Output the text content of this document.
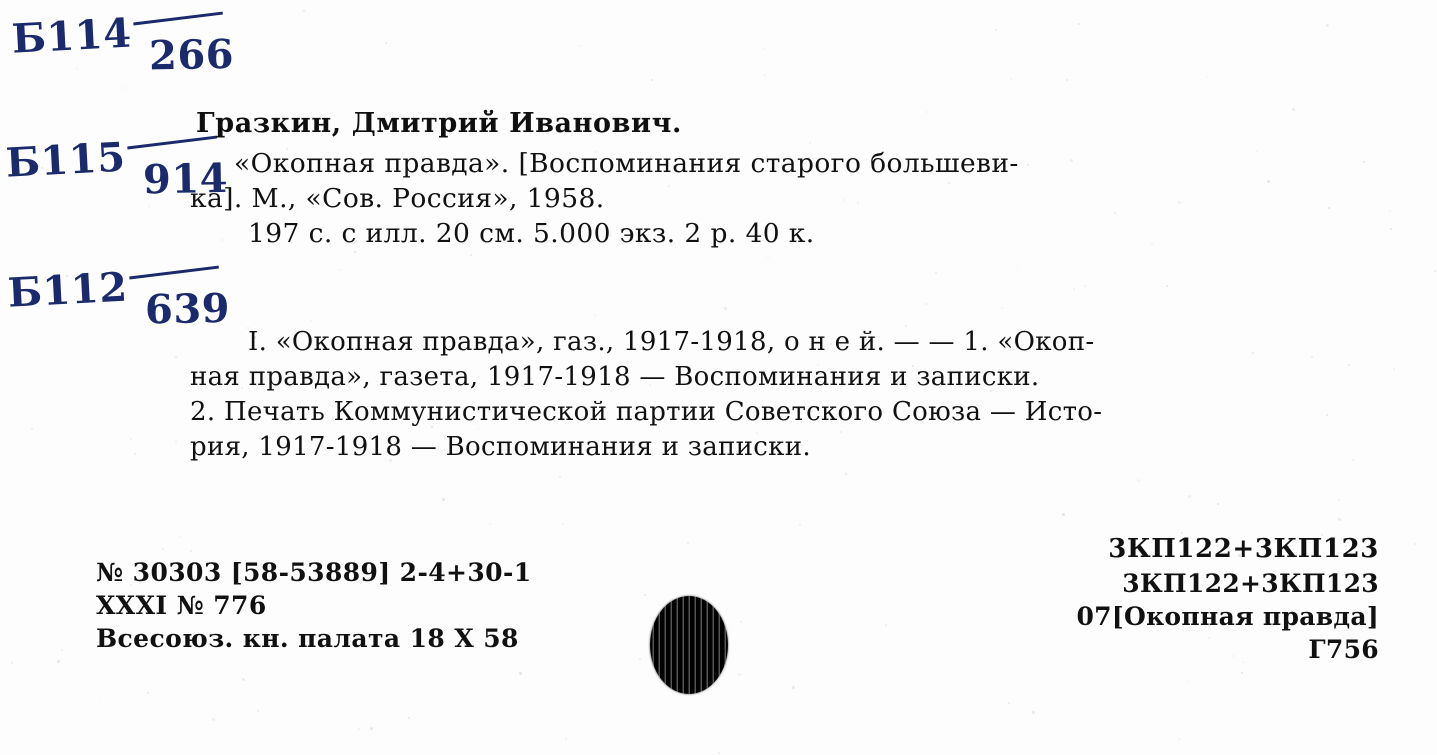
Б114 266
Б115 914
Б112 639

Гразкин, Дмитрий Иванович.

«Окопная правда». [Воспоминания старого большеви-

ка]. М., «Сов. Россия», 1958.

197 с. с илл. 20 см. 5.000 экз. 2 р. 40 к.

I. «Окопная правда», газ., 1917-1918, о н е й. — — 1. «Окоп-

ная правда», газета, 1917-1918 — Воспоминания и записки.

2. Печать Коммунистической партии Советского Союза — Исто-

рия, 1917-1918 — Воспоминания и записки.

№ 30303 [58-53889] 2-4+30-1

XXXI № 776

Всесоюз. кн. палата 18 X 58

3КП122+3КП123

3КП122+3КП123

07[Окопная правда]

Г756
